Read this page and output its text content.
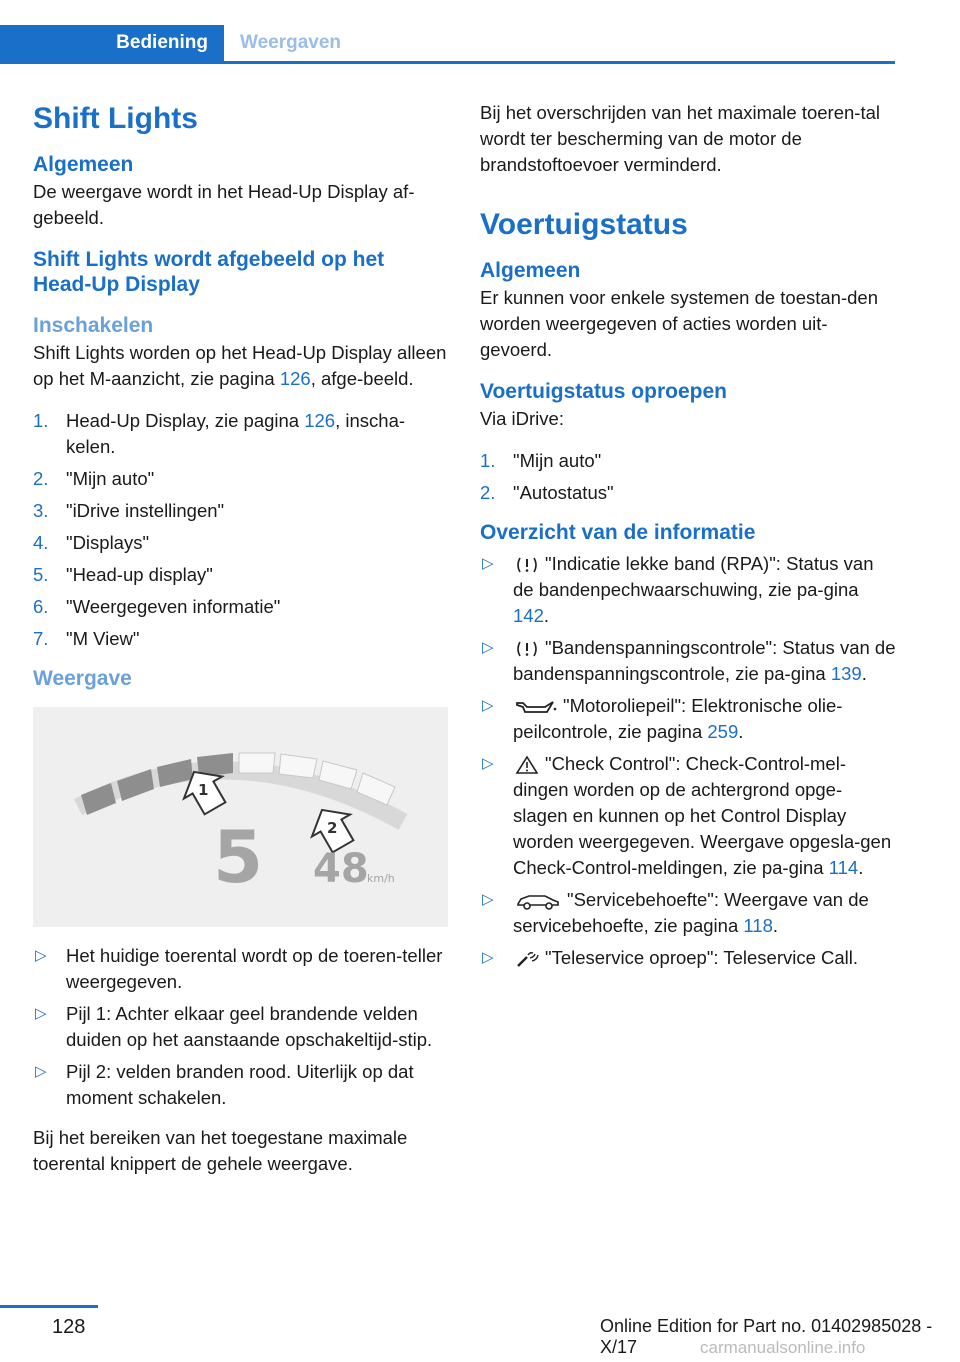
Bediening	Weergaven
Shift Lights
Algemeen

De weergave wordt in het Head-Up Display af-gebeeld.

Shift Lights wordt afgebeeld op het Head-Up Display
Inschakelen

Shift Lights worden op het Head-Up Display alleen op het M-aanzicht, zie pagina 126, afge-beeld.

1. Head-Up Display, zie pagina 126, inscha-kelen.
2. "Mijn auto"
3. "iDrive instellingen"
4. "Displays"
5. "Head-up display"
6. "Weergegeven informatie"
7. "M View"
Weergave
1
2
5 48
km/h
▷ Het huidige toerental wordt op de toeren-teller weergegeven.
▷ Pijl 1: Achter elkaar geel brandende velden duiden op het aanstaande opschakeltijd-stip.
▷ Pijl 2: velden branden rood. Uiterlijk op dat moment schakelen.

Bij het bereiken van het toegestane maximale toerental knippert de gehele weergave.

Bij het overschrijden van het maximale toeren-tal wordt ter bescherming van de motor de brandstoftoevoer verminderd.

Voertuigstatus
Algemeen

Er kunnen voor enkele systemen de toestan-den worden weergegeven of acties worden uit-gevoerd.

Voertuigstatus oproepen

Via iDrive:

1. "Mijn auto"
2. "Autostatus"
Overzicht van de informatie
▷	"Indicatie lekke band (RPA)": Status van de bandenpechwaarschuwing, zie pa-gina 142.
▷	"Bandenspanningscontrole": Status van de bandenspanningscontrole, zie pa-gina 139.
▷	"Motoroliepeil": Elektronische olie-peilcontrole, zie pagina 259.
▷	"Check Control": Check-Control-mel-dingen worden op de achtergrond opge-slagen en kunnen op het Control Display worden weergegeven. Weergave opgesla-gen Check-Control-meldingen, zie pa-gina 114.
▷	"Servicebehoefte": Weergave van de servicebehoefte, zie pagina 118.
▷	"Teleservice oproep": Teleservice Call.
128	Online Edition for Part no. 01402985028 - X/17	carmanualsonline.info
